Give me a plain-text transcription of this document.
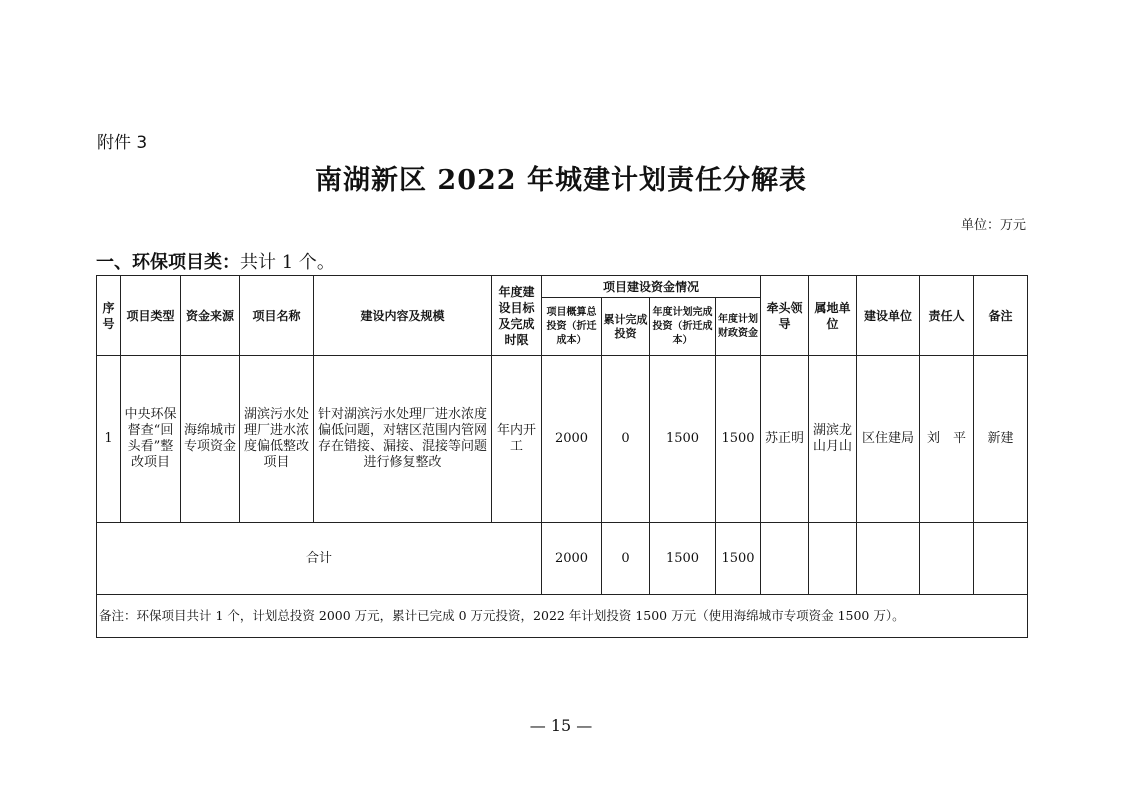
附件 3
南湖新区 2022 年城建计划责任分解表
单位：万元
一、环保项目类：共计 1 个。
序号	项目类型	资金来源	项目名称	建设内容及规模	年度建设目标及完成时限	项目建设资金情况				牵头领导	属地单位	建设单位	责任人	备注
						项目概算总投资（折迁成本）	累计完成投资	年度计划完成投资（折迁成本）	年度计划财政资金					
1	中央环保督查“回头看”整改项目	海绵城市专项资金	湖滨污水处理厂进水浓度偏低整改项目	针对湖滨污水处理厂进水浓度偏低问题，对辖区范围内管网存在错接、漏接、混接等问题进行修复整改	年内开工	2000	0	1500	1500	苏正明	湖滨龙山月山	区住建局	刘　平	新建
合计						2000	0	1500	1500					
备注：环保项目共计 1 个，计划总投资 2000 万元，累计已完成 0 万元投资，2022 年计划投资 1500 万元（使用海绵城市专项资金 1500 万）。														
— 15 —
